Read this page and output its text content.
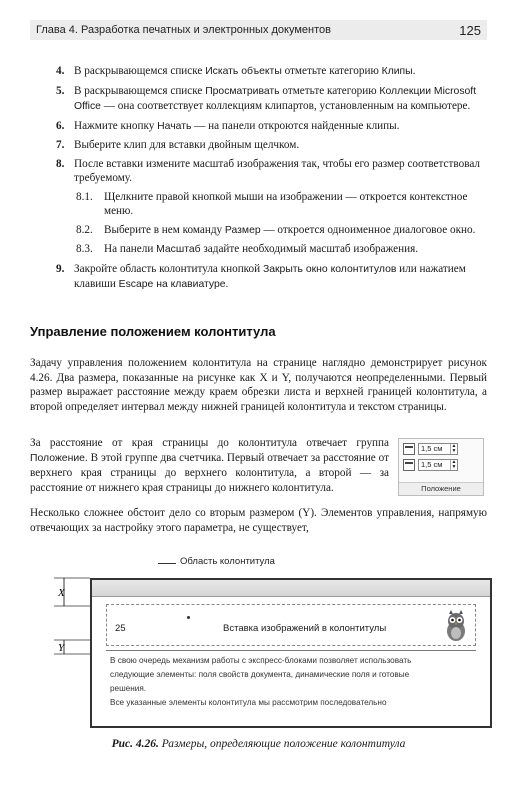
Глава 4. Разработка печатных и электронных документов	125
4. В раскрывающемся списке Искать объекты отметьте категорию Клипы.
5. В раскрывающемся списке Просматривать отметьте категорию Коллекции Microsoft Office — она соответствует коллекциям клипартов, установленным на компьютере.
6. Нажмите кнопку Начать — на панели откроются найденные клипы.
7. Выберите клип для вставки двойным щелчком.
8. После вставки измените масштаб изображения так, чтобы его размер соответствовал требуемому.
8.1. Щелкните правой кнопкой мыши на изображении — откроется контекстное меню.
8.2. Выберите в нем команду Размер — откроется одноименное диалоговое окно.
8.3. На панели Масштаб задайте необходимый масштаб изображения.
9. Закройте область колонтитула кнопкой Закрыть окно колонтитулов или нажатием клавиши Escape на клавиатуре.
Управление положением колонтитула
Задачу управления положением колонтитула на странице наглядно демонстрирует рисунок 4.26. Два размера, показанные на рисунке как X и Y, получаются неопределенными. Первый размер выражает расстояние между краем обрезки листа и верхней границей колонтитула, а второй определяет интервал между нижней границей колонтитула и текстом страницы.
За расстояние от края страницы до колонтитула отвечает группа Положение. В этой группе два счетчика. Первый отвечает за расстояние от верхнего края страницы до верхнего колонтитула, а второй — за расстояние от нижнего края страницы до нижнего колонтитула.
1,5 см	▲
▼
1,5 см	▲
▼
Положение
Несколько сложнее обстоит дело со вторым размером (Y). Элементов управления, напрямую отвечающих за настройку этого параметра, не существует,
Область колонтитула
X
Y
25	Вставка изображений в колонтитулы
В свою очередь механизм работы с экспресс-блоками позволяет использовать
следующие элементы: поля свойств документа, динамические поля и готовые
решения.
Все указанные элементы колонтитула мы рассмотрим последовательно
Рис. 4.26. Размеры, определяющие положение колонтитула
